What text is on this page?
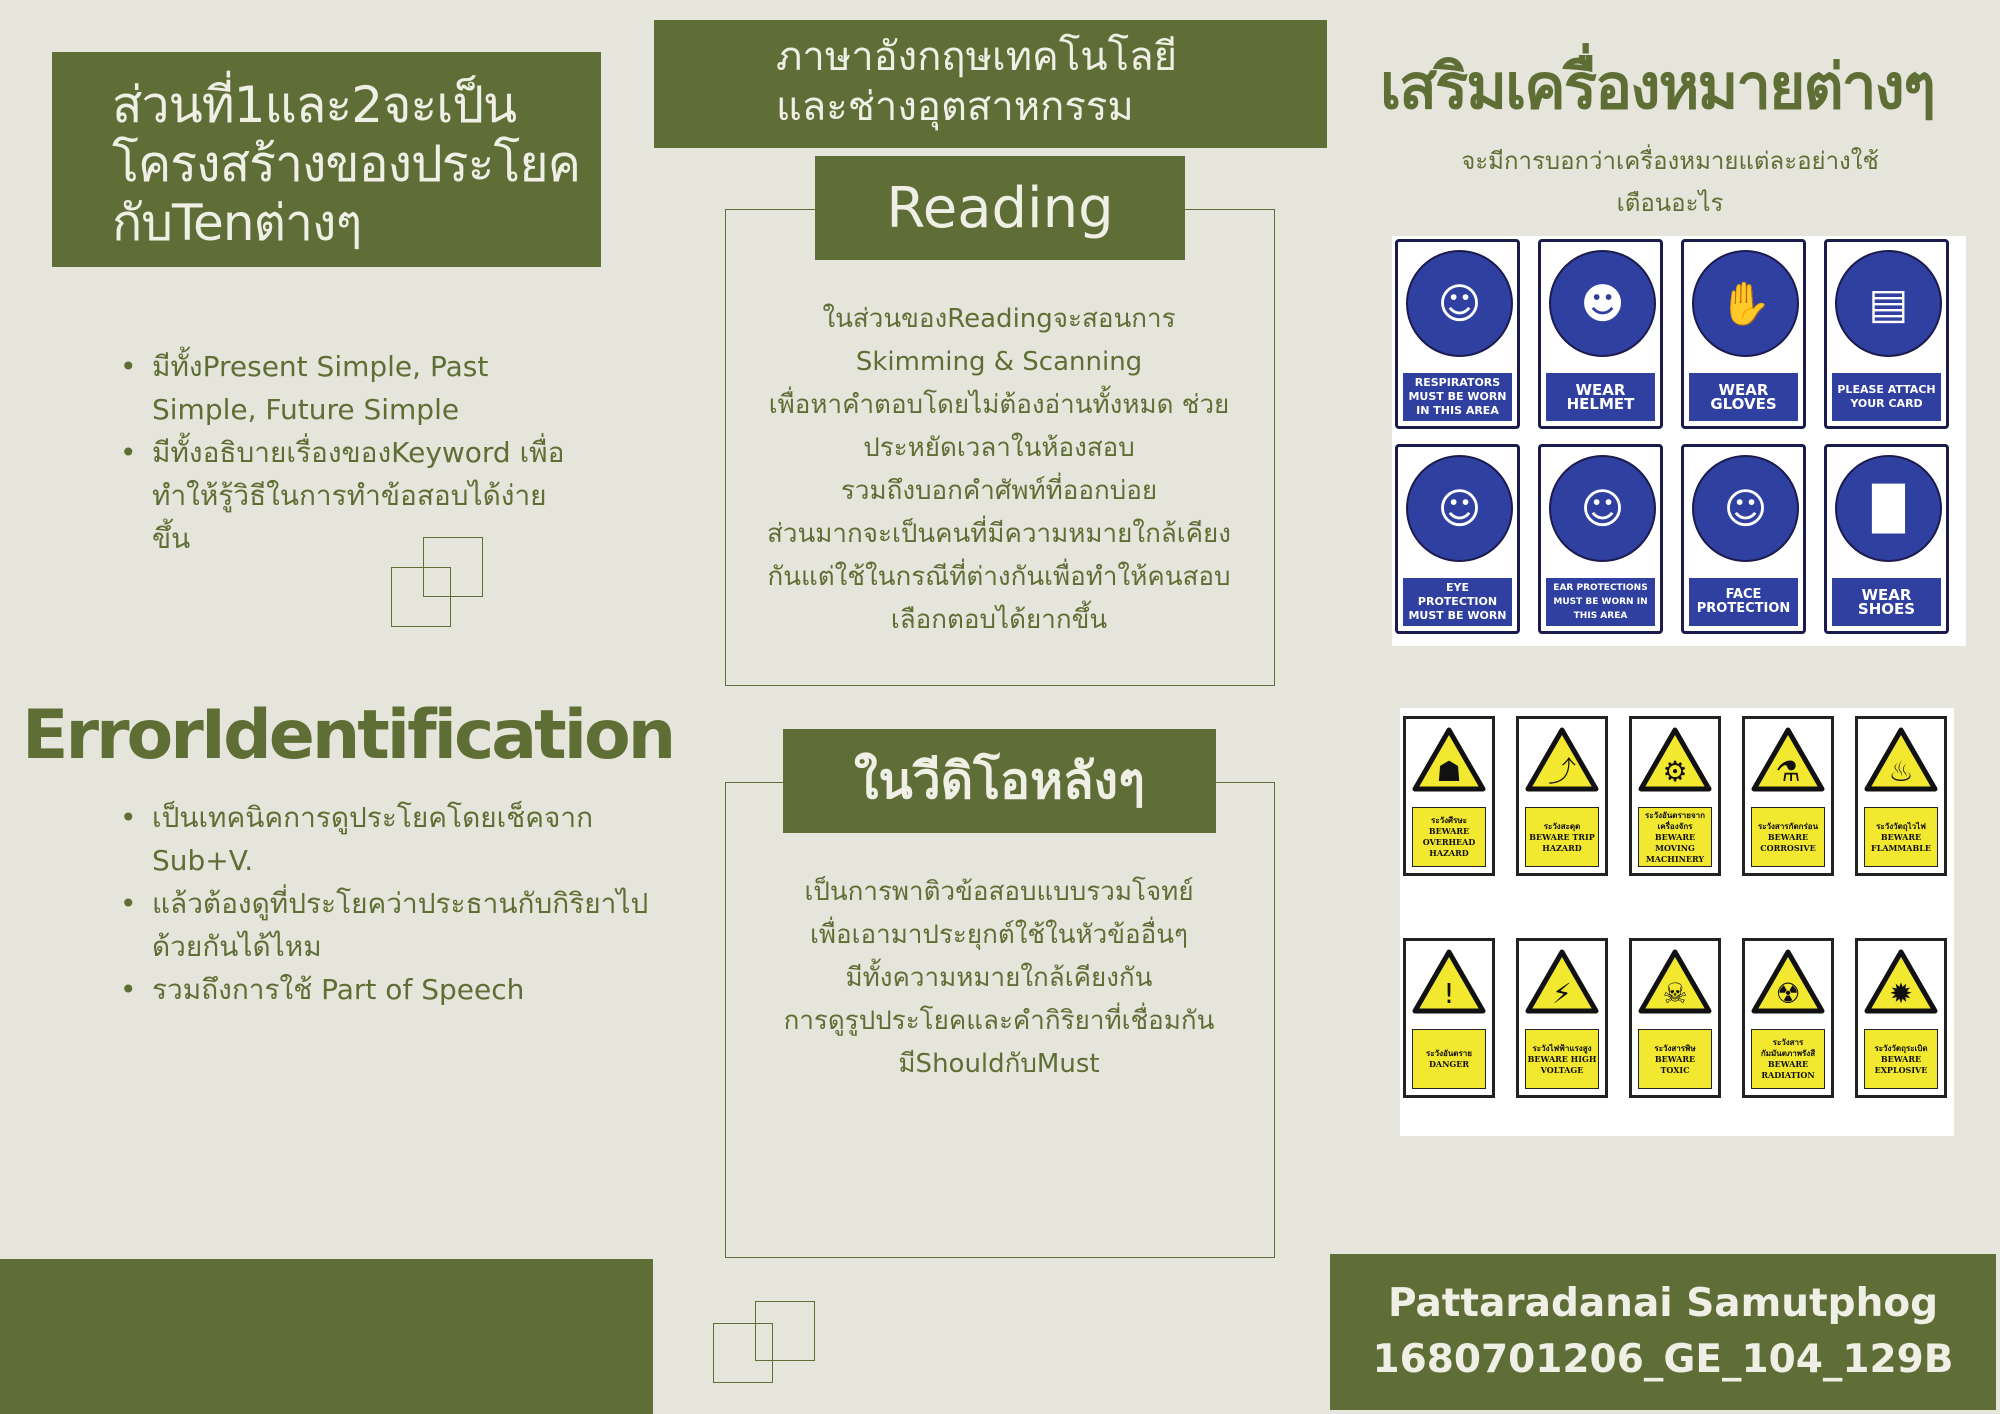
ส่วนที่1และ2จะเป็น
โครงสร้างของประโยค
กับTenต่างๆ
• มีทั้งPresent Simple, Past Simple, Future Simple
• มีทั้งอธิบายเรื่องของKeyword เพื่อทำให้รู้วิธีในการทำข้อสอบได้ง่ายขึ้น
ErrorIdentification
• เป็นเทคนิคการดูประโยคโดยเช็คจาก Sub+V.
• แล้วต้องดูที่ประโยคว่าประธานกับกิริยาไปด้วยกันได้ไหม
• รวมถึงการใช้ Part of Speech
ภาษาอังกฤษเทคโนโลยี
และช่างอุตสาหกรรม
Reading
ในส่วนของReadingจะสอนการ
Skimming & Scanning
เพื่อหาคำตอบโดยไม่ต้องอ่านทั้งหมด ช่วย
ประหยัดเวลาในห้องสอบ
รวมถึงบอกคำศัพท์ที่ออกบ่อย
ส่วนมากจะเป็นคนที่มีความหมายใกล้เคียง
กันแต่ใช้ในกรณีที่ต่างกันเพื่อทำให้คนสอบ
เลือกตอบได้ยากขึ้น
ในวีดิโอหลังๆ
เป็นการพาติวข้อสอบแบบรวมโจทย์
เพื่อเอามาประยุกต์ใช้ในหัวข้ออื่นๆ
มีทั้งความหมายใกล้เคียงกัน
การดูรูปประโยคและคำกิริยาที่เชื่อมกัน
มีShouldกับMust
เสริมเครื่องหมายต่างๆ
จะมีการบอกว่าเครื่องหมายแต่ละอย่างใช้เตือนอะไร
☺
RESPIRATORS MUST BE WORN IN THIS AREA
☻
WEAR HELMET
✋
WEAR GLOVES
▤
PLEASE ATTACH YOUR CARD
☺
EYE PROTECTION MUST BE WORN
☺
EAR PROTECTIONS MUST BE WORN IN THIS AREA
☺
FACE PROTECTION
█
WEAR SHOES
☗
ระวังศีรษะ
BEWARE OVERHEAD HAZARD
⤴
ระวังสะดุด
BEWARE TRIP HAZARD
⚙
ระวังอันตรายจากเครื่องจักร
BEWARE MOVING MACHINERY
⚗
ระวังสารกัดกร่อน
BEWARE CORROSIVE
♨
ระวังวัตถุไวไฟ
BEWARE FLAMMABLE
!
ระวังอันตราย
DANGER
⚡
ระวังไฟฟ้าแรงสูง
BEWARE HIGH VOLTAGE
☠
ระวังสารพิษ
BEWARE TOXIC
☢
ระวังสารกัมมันตภาพรังสี
BEWARE RADIATION
✹
ระวังวัตถุระเบิด
BEWARE EXPLOSIVE
Pattaradanai Samutphog
1680701206_GE_104_129B
